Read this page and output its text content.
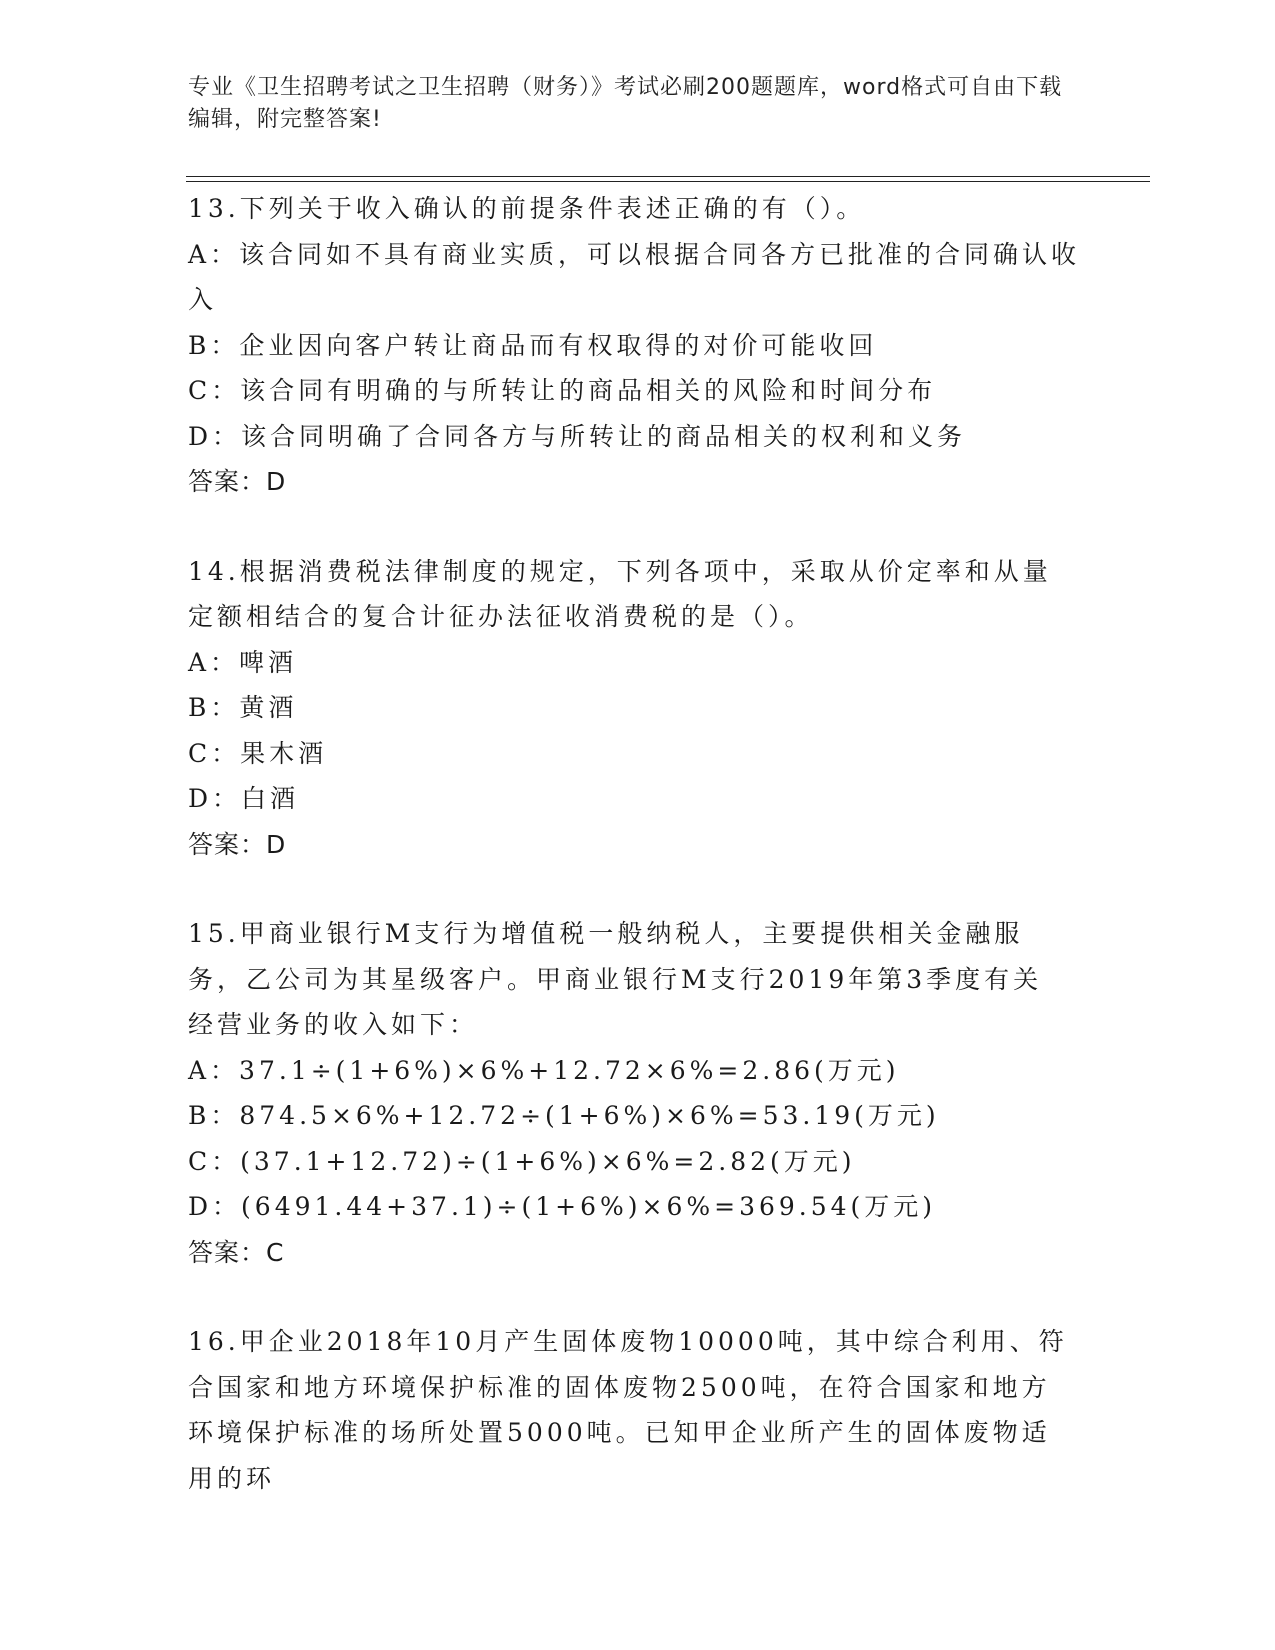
专业《卫生招聘考试之卫生招聘（财务）》考试必刷200题题库，word格式可自由下载编辑，附完整答案!
13.下列关于收入确认的前提条件表述正确的有（）。
A：该合同如不具有商业实质，可以根据合同各方已批准的合同确认收入
B：企业因向客户转让商品而有权取得的对价可能收回
C：该合同有明确的与所转让的商品相关的风险和时间分布
D：该合同明确了合同各方与所转让的商品相关的权利和义务
答案：D
14.根据消费税法律制度的规定，下列各项中，采取从价定率和从量定额相结合的复合计征办法征收消费税的是（）。
A：啤酒
B：黄酒
C：果木酒
D：白酒
答案：D
15.甲商业银行M支行为增值税一般纳税人，主要提供相关金融服务，乙公司为其星级客户。甲商业银行M支行2019年第3季度有关经营业务的收入如下：
A：37.1÷(1+6%)×6%+12.72×6%=2.86(万元)
B：874.5×6%+12.72÷(1+6%)×6%=53.19(万元)
C：(37.1+12.72)÷(1+6%)×6%=2.82(万元)
D：(6491.44+37.1)÷(1+6%)×6%=369.54(万元)
答案：C
16.甲企业2018年10月产生固体废物10000吨，其中综合利用、符合国家和地方环境保护标准的固体废物2500吨，在符合国家和地方环境保护标准的场所处置5000吨。已知甲企业所产生的固体废物适用的环
